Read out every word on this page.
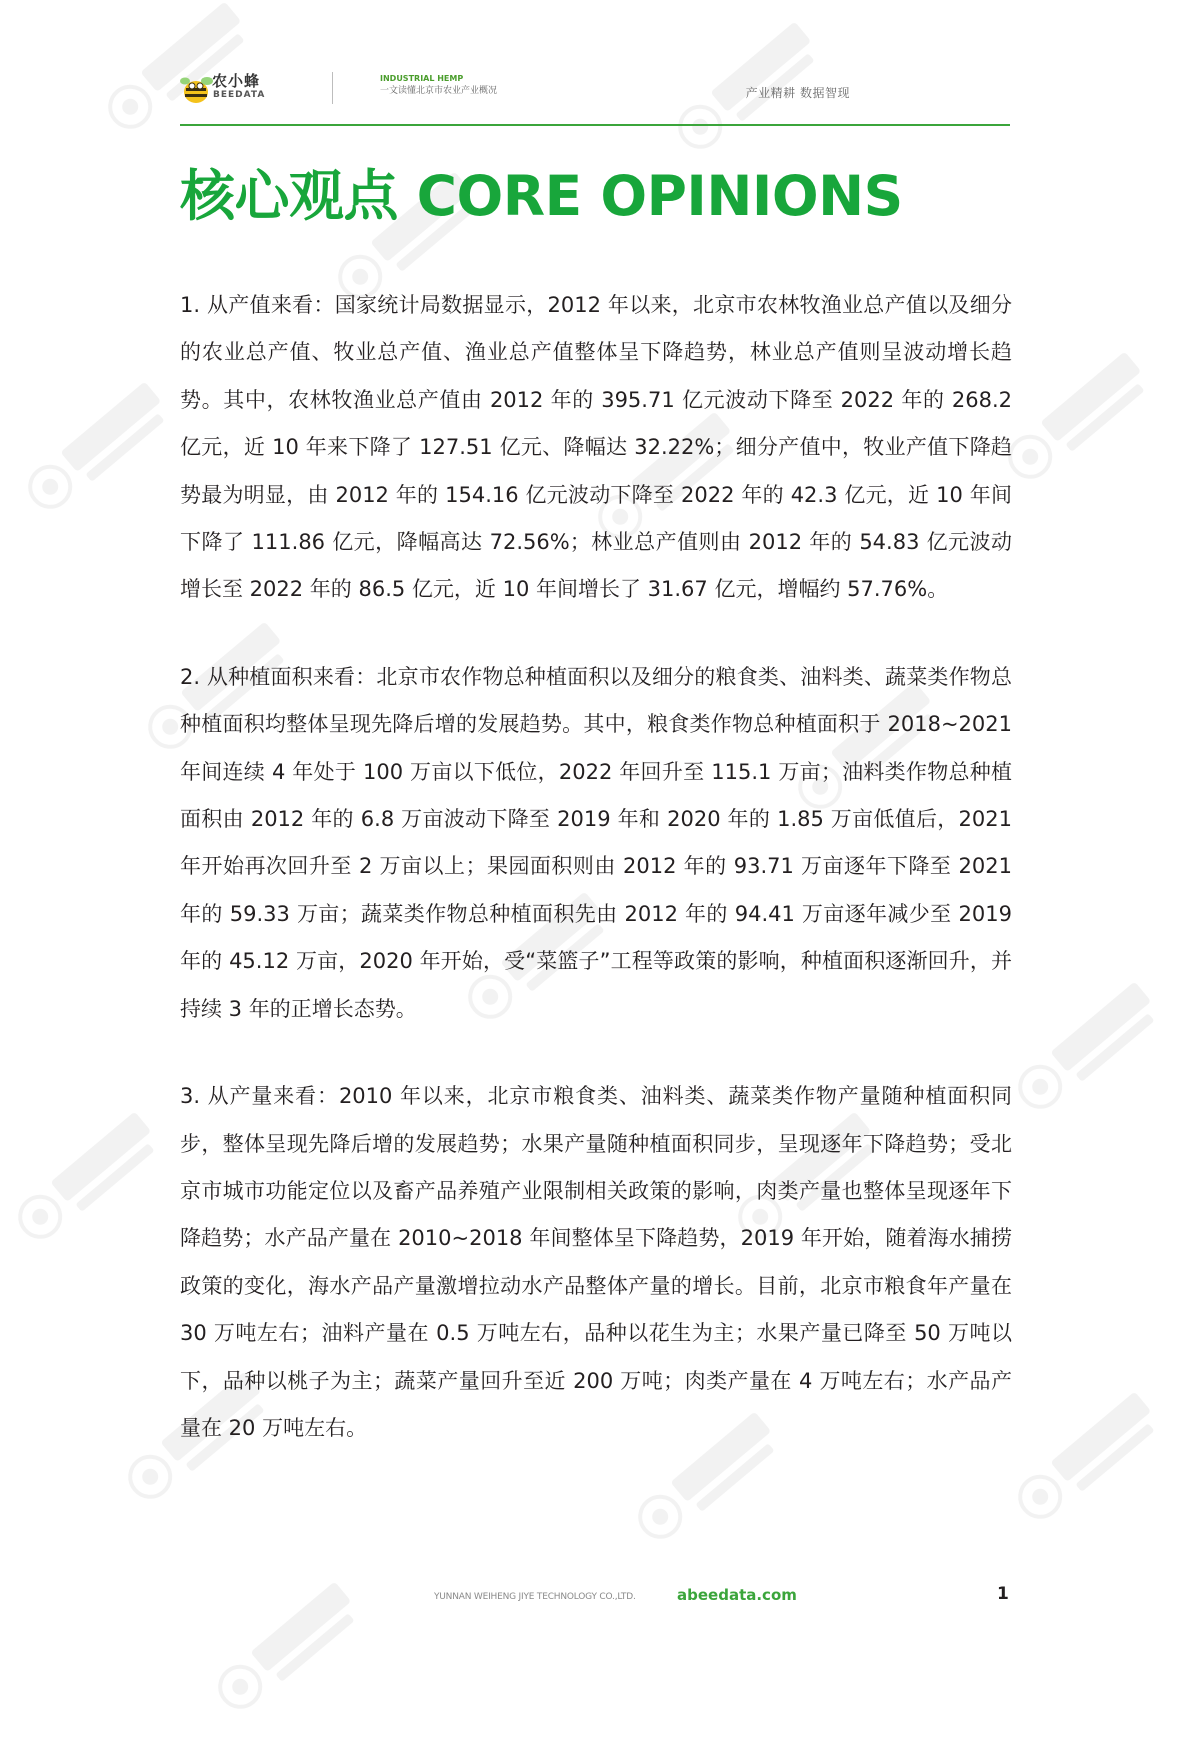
农小蜂
BEEDATA
INDUSTRIAL HEMP
一文读懂北京市农业产业概况	产业精耕 数据智现
核心观点 CORE OPINIONS

1. 从产值来看：国家统计局数据显示，2012 年以来，北京市农林牧渔业总产值以及细分的农业总产值、牧业总产值、渔业总产值整体呈下降趋势，林业总产值则呈波动增长趋势。其中，农林牧渔业总产值由 2012 年的 395.71 亿元波动下降至 2022 年的 268.2 亿元，近 10 年来下降了 127.51 亿元、降幅达 32.22%；细分产值中，牧业产值下降趋势最为明显，由 2012 年的 154.16 亿元波动下降至 2022 年的 42.3 亿元，近 10 年间下降了 111.86 亿元，降幅高达 72.56%；林业总产值则由 2012 年的 54.83 亿元波动增长至 2022 年的 86.5 亿元，近 10 年间增长了 31.67 亿元，增幅约 57.76%。

2. 从种植面积来看：北京市农作物总种植面积以及细分的粮食类、油料类、蔬菜类作物总种植面积均整体呈现先降后增的发展趋势。其中，粮食类作物总种植面积于 2018~2021 年间连续 4 年处于 100 万亩以下低位，2022 年回升至 115.1 万亩；油料类作物总种植面积由 2012 年的 6.8 万亩波动下降至 2019 年和 2020 年的 1.85 万亩低值后，2021 年开始再次回升至 2 万亩以上；果园面积则由 2012 年的 93.71 万亩逐年下降至 2021 年的 59.33 万亩；蔬菜类作物总种植面积先由 2012 年的 94.41 万亩逐年减少至 2019 年的 45.12 万亩，2020 年开始，受“菜篮子”工程等政策的影响，种植面积逐渐回升，并持续 3 年的正增长态势。

3. 从产量来看：2010 年以来，北京市粮食类、油料类、蔬菜类作物产量随种植面积同步，整体呈现先降后增的发展趋势；水果产量随种植面积同步，呈现逐年下降趋势；受北京市城市功能定位以及畜产品养殖产业限制相关政策的影响，肉类产量也整体呈现逐年下降趋势；水产品产量在 2010~2018 年间整体呈下降趋势，2019 年开始，随着海水捕捞政策的变化，海水产品产量激增拉动水产品整体产量的增长。目前，北京市粮食年产量在 30 万吨左右；油料产量在 0.5 万吨左右，品种以花生为主；水果产量已降至 50 万吨以下，品种以桃子为主；蔬菜产量回升至近 200 万吨；肉类产量在 4 万吨左右；水产品产量在 20 万吨左右。

YUNNAN WEIHENG JIYE TECHNOLOGY CO.,LTD.	abeedata.com	1
